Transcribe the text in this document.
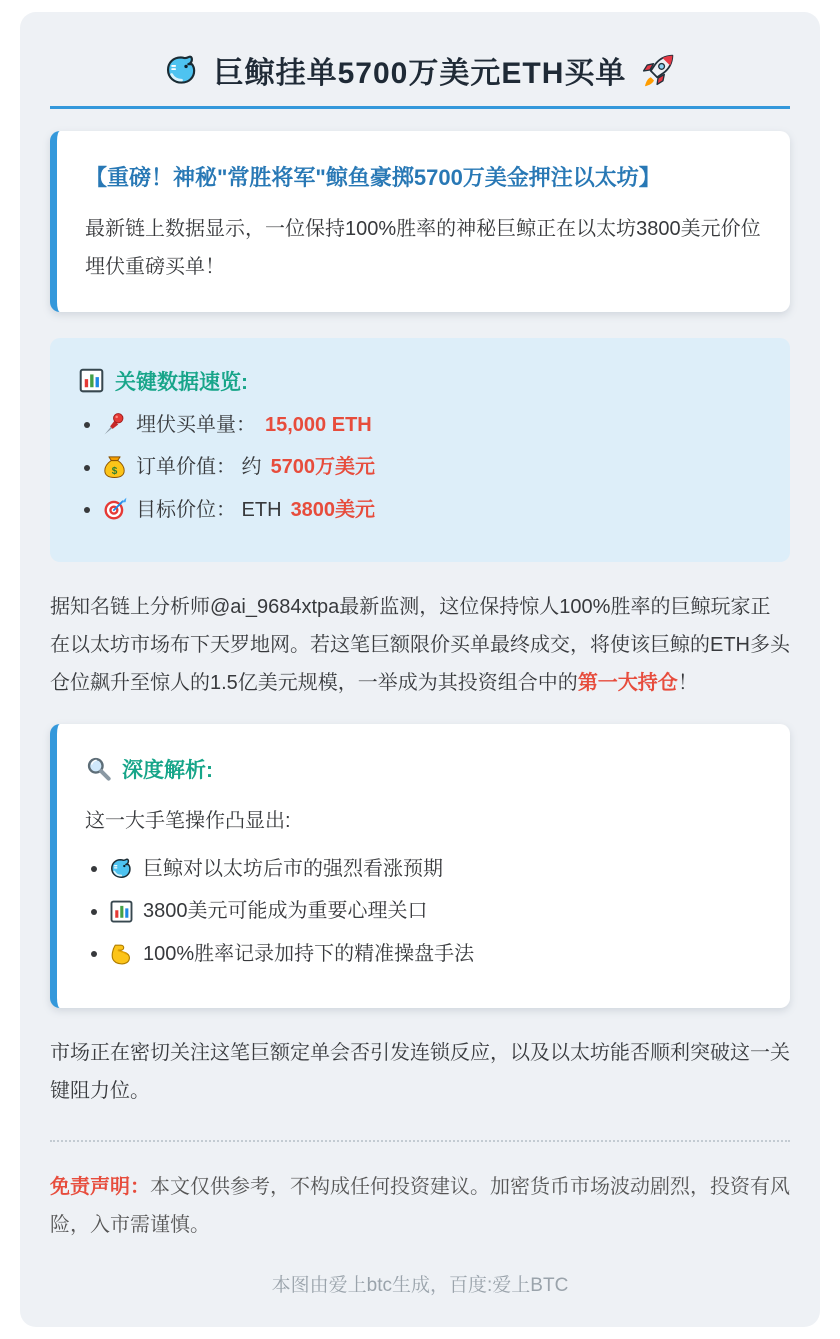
巨鲸挂单5700万美元ETH买单
【重磅！神秘"常胜将军"鲸鱼豪掷5700万美金押注以太坊】

最新链上数据显示，一位保持100%胜率的神秘巨鲸正在以太坊3800美元价位埋伏重磅买单！

关键数据速览:
• 埋伏买单量： 15,000 ETH
• $ 订单价值： 约 5700万美元
• 目标价位： ETH 3800美元

据知名链上分析师@ai_9684xtpa最新监测，这位保持惊人100%胜率的巨鲸玩家正在以太坊市场布下天罗地网。若这笔巨额限价买单最终成交，将使该巨鲸的ETH多头仓位飙升至惊人的1.5亿美元规模，一举成为其投资组合中的第一大持仓！

深度解析:

这一大手笔操作凸显出:

• 巨鲸对以太坊后市的强烈看涨预期
• 3800美元可能成为重要心理关口
• 100%胜率记录加持下的精准操盘手法

市场正在密切关注这笔巨额定单会否引发连锁反应，以及以太坊能否顺利突破这一关键阻力位。

免责声明：本文仅供参考，不构成任何投资建议。加密货币市场波动剧烈，投资有风险，入市需谨慎。

本图由爱上btc生成，百度:爱上BTC
